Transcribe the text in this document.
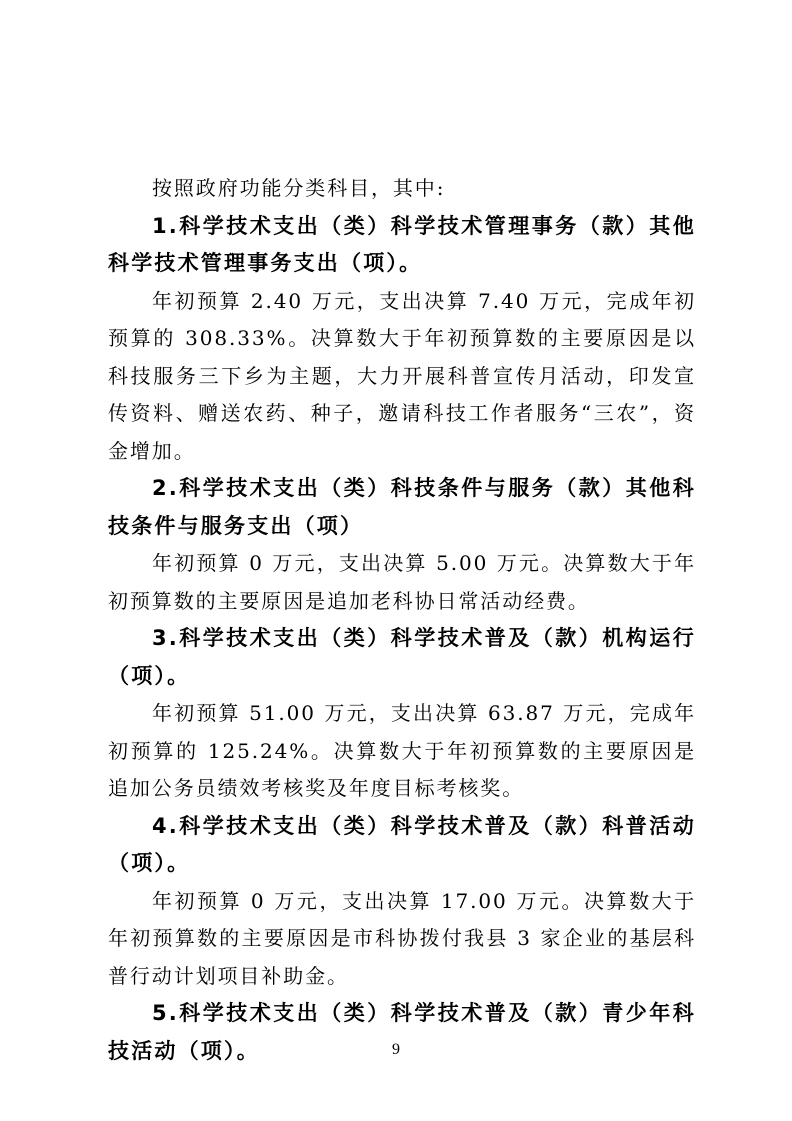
按照政府功能分类科目，其中:

1.科学技术支出（类）科学技术管理事务（款）其他科学技术管理事务支出（项）。

年初预算 2.40 万元，支出决算 7.40 万元，完成年初预算的 308.33%。决算数大于年初预算数的主要原因是以科技服务三下乡为主题，大力开展科普宣传月活动，印发宣传资料、赠送农药、种子，邀请科技工作者服务“三农”，资金增加。

2.科学技术支出（类）科技条件与服务（款）其他科技条件与服务支出（项）

年初预算 0 万元，支出决算 5.00 万元。决算数大于年初预算数的主要原因是追加老科协日常活动经费。

3.科学技术支出（类）科学技术普及（款）机构运行（项）。

年初预算 51.00 万元，支出决算 63.87 万元，完成年初预算的 125.24%。决算数大于年初预算数的主要原因是追加公务员绩效考核奖及年度目标考核奖。

4.科学技术支出（类）科学技术普及（款）科普活动（项）。

年初预算 0 万元，支出决算 17.00 万元。决算数大于年初预算数的主要原因是市科协拨付我县 3 家企业的基层科普行动计划项目补助金。

5.科学技术支出（类）科学技术普及（款）青少年科技活动（项）。	9
